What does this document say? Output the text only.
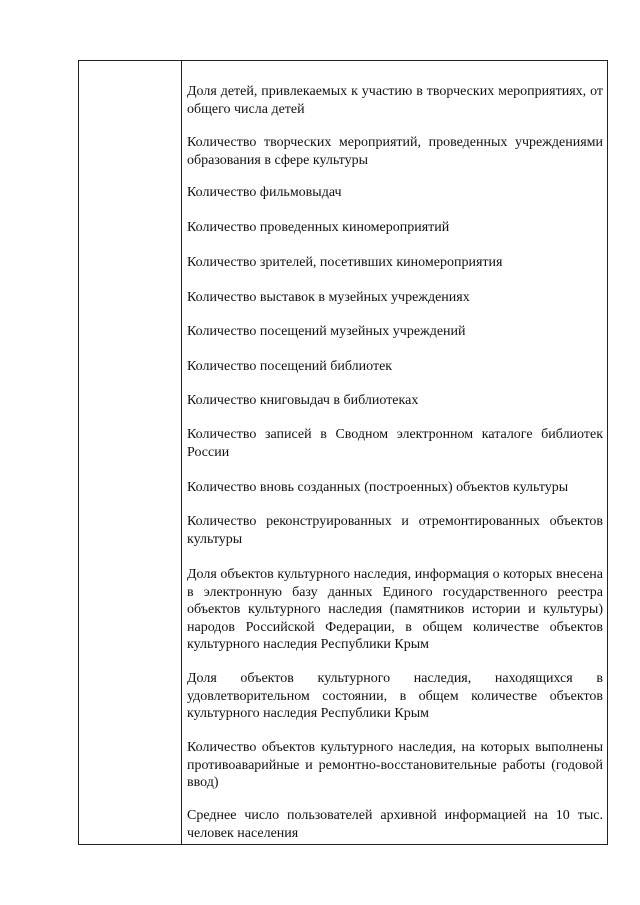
Доля детей, привлекаемых к участию в творческих мероприятиях, от общего числа детей
Количество творческих мероприятий, проведенных учреждениями образования в сфере культуры
Количество фильмовыдач
Количество проведенных киномероприятий
Количество зрителей, посетивших киномероприятия
Количество выставок в музейных учреждениях
Количество посещений музейных учреждений
Количество посещений библиотек
Количество книговыдач в библиотеках
Количество записей в Сводном электронном каталоге библиотек России
Количество вновь созданных (построенных) объектов культуры
Количество реконструированных и отремонтированных объектов культуры
Доля объектов культурного наследия, информация о которых внесена в электронную базу данных Единого государственного реестра объектов культурного наследия (памятников истории и культуры) народов Российской Федерации, в общем количестве объектов культурного наследия Республики Крым
Доля объектов культурного наследия, находящихся в удовлетворительном состоянии, в общем количестве объектов культурного наследия Республики Крым
Количество объектов культурного наследия, на которых выполнены противоаварийные и ремонтно-восстановительные работы (годовой ввод)
Среднее число пользователей архивной информацией на 10 тыс. человек населения
